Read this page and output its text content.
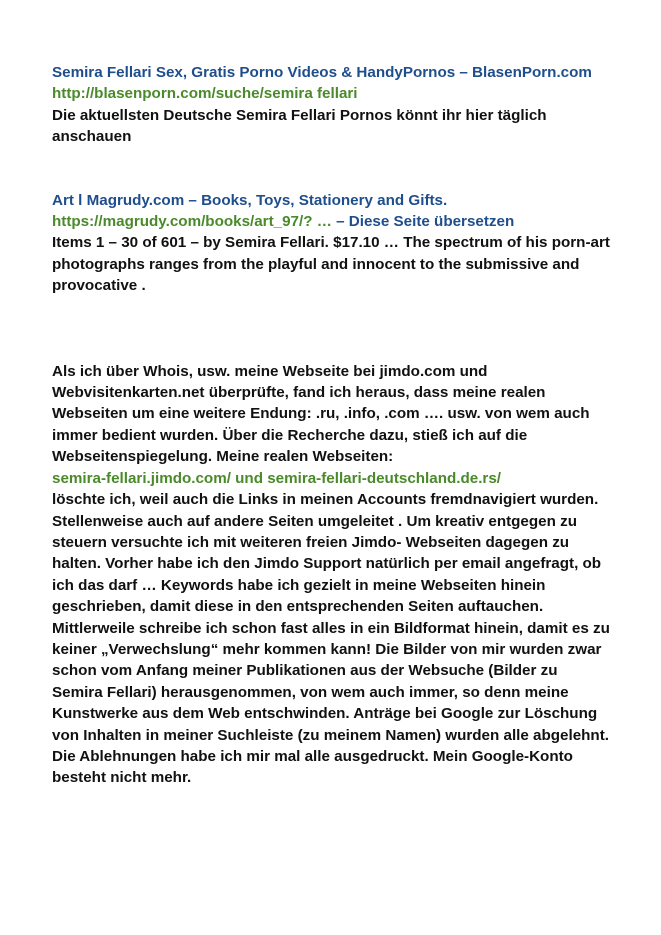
Semira Fellari Sex, Gratis Porno Videos & HandyPornos – BlasenPorn.com

http://blasenporn.com/suche/semira fellari

Die aktuellsten Deutsche Semira Fellari Pornos könnt ihr hier täglich anschauen

Art l Magrudy.com – Books, Toys, Stationery and Gifts.

https://magrudy.com/books/art_97/? … – Diese Seite übersetzen

Items 1 – 30 of 601 – by Semira Fellari. $17.10 … The spectrum of his porn-art photographs ranges from the playful and innocent to the submissive and provocative .

Als ich über Whois, usw. meine Webseite bei jimdo.com und Webvisitenkarten.net überprüfte, fand ich heraus, dass meine realen Webseiten um eine weitere Endung: .ru, .info, .com …. usw. von wem auch immer bedient wurden. Über die Recherche dazu, stieß ich auf die Webseitenspiegelung. Meine realen Webseiten:

semira-fellari.jimdo.com/ und semira-fellari-deutschland.de.rs/

löschte ich, weil auch die Links in meinen Accounts fremdnavigiert wurden. Stellenweise auch auf andere Seiten umgeleitet . Um kreativ entgegen zu steuern versuchte ich mit weiteren freien Jimdo- Webseiten dagegen zu halten. Vorher habe ich den Jimdo Support natürlich per email angefragt, ob ich das darf … Keywords habe ich gezielt in meine Webseiten hinein geschrieben, damit diese in den entsprechenden Seiten auftauchen. Mittlerweile schreibe ich schon fast alles in ein Bildformat hinein, damit es zu keiner „Verwechslung“ mehr kommen kann! Die Bilder von mir wurden zwar schon vom Anfang meiner Publikationen aus der Websuche (Bilder zu Semira Fellari) herausgenommen, von wem auch immer, so denn meine Kunstwerke aus dem Web entschwinden. Anträge bei Google zur Löschung von Inhalten in meiner Suchleiste (zu meinem Namen) wurden alle abgelehnt. Die Ablehnungen habe ich mir mal alle ausgedruckt. Mein Google-Konto besteht nicht mehr.
